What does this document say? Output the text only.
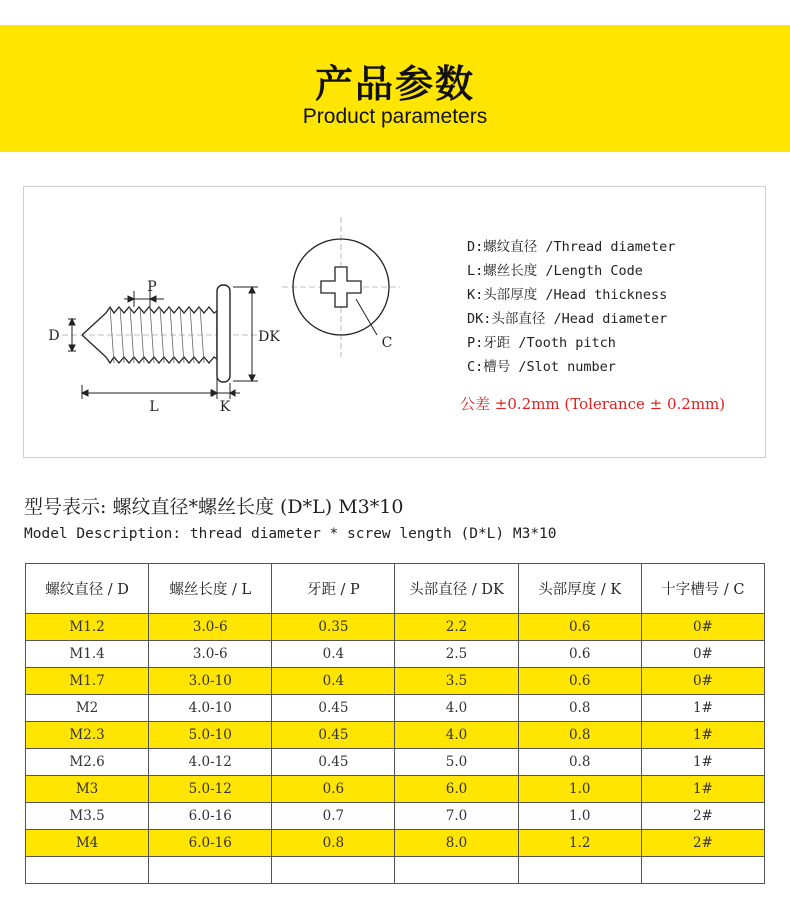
产品参数
Product parameters
P
D	DK
L	K
C
D:螺纹直径 /Thread diameter
L:螺丝长度 /Length Code
K:头部厚度 /Head thickness
DK:头部直径 /Head diameter
P:牙距 /Tooth pitch
C:槽号 /Slot number
公差 ±0.2mm (Tolerance ± 0.2mm)
型号表示: 螺纹直径*螺丝长度 (D*L) M3*10
Model Description: thread diameter * screw length (D*L) M3*10
螺纹直径 / D	螺丝长度 / L	牙距 / P	头部直径 / DK	头部厚度 / K	十字槽号 / C
M1.2	3.0-6	0.35	2.2	0.6	0#
M1.4	3.0-6	0.4	2.5	0.6	0#
M1.7	3.0-10	0.4	3.5	0.6	0#
M2	4.0-10	0.45	4.0	0.8	1#
M2.3	5.0-10	0.45	4.0	0.8	1#
M2.6	4.0-12	0.45	5.0	0.8	1#
M3	5.0-12	0.6	6.0	1.0	1#
M3.5	6.0-16	0.7	7.0	1.0	2#
M4	6.0-16	0.8	8.0	1.2	2#
